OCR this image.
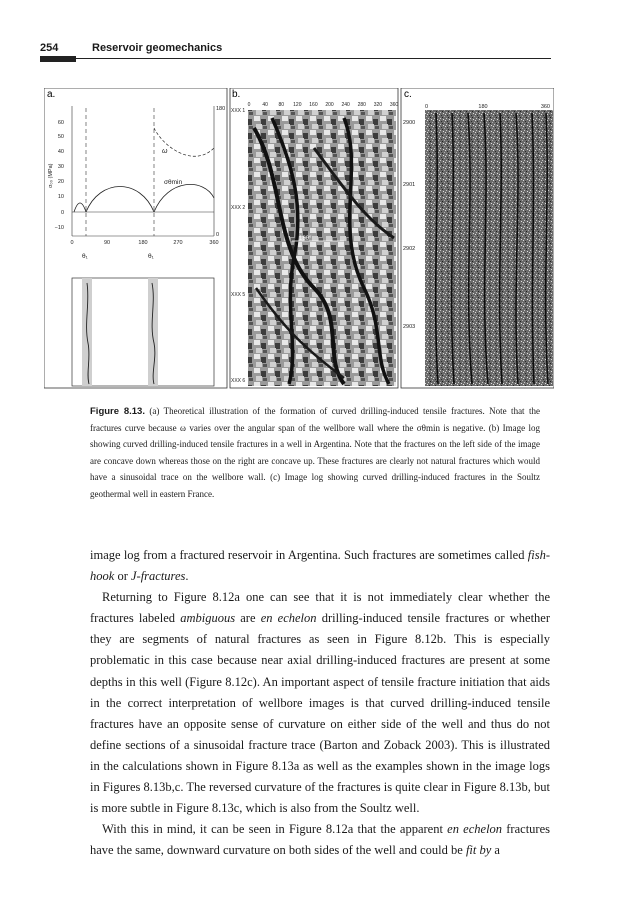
254	Reservoir geomechanics
a.
60
50
40
30
20
10
0
−10
0	90	180	270	360
180
0
σ₀₀ (MPa)
ω
σθmin
θ₁	θ₁
b.
0 40 80 120 160 200 240 280 320 360
XXX 1
XXX 2
XXX 5
XXX 6
180°
c.
0	180	360
2900
2901
2902
2903
Figure 8.13. (a) Theoretical illustration of the formation of curved drilling-induced tensile fractures. Note that the fractures curve because ω varies over the angular span of the wellbore wall where the σθmin is negative. (b) Image log showing curved drilling-induced tensile fractures in a well in Argentina. Note that the fractures on the left side of the image are concave down whereas those on the right are concave up. These fractures are clearly not natural fractures which would have a sinusoidal trace on the wellbore wall. (c) Image log showing curved drilling-induced fractures in the Soultz geothermal well in eastern France.

image log from a fractured reservoir in Argentina. Such fractures are sometimes called fish-hook or J-fractures.

Returning to Figure 8.12a one can see that it is not immediately clear whether the fractures labeled ambiguous are en echelon drilling-induced tensile fractures or whether they are segments of natural fractures as seen in Figure 8.12b. This is especially problematic in this case because near axial drilling-induced fractures are present at some depths in this well (Figure 8.12c). An important aspect of tensile fracture initiation that aids in the correct interpretation of wellbore images is that curved drilling-induced tensile fractures have an opposite sense of curvature on either side of the well and thus do not define sections of a sinusoidal fracture trace (Barton and Zoback 2003). This is illustrated in the calculations shown in Figure 8.13a as well as the examples shown in the image logs in Figures 8.13b,c. The reversed curvature of the fractures is quite clear in Figure 8.13b, but is more subtle in Figure 8.13c, which is also from the Soultz well.

With this in mind, it can be seen in Figure 8.12a that the apparent en echelon fractures have the same, downward curvature on both sides of the well and could be fit by a
